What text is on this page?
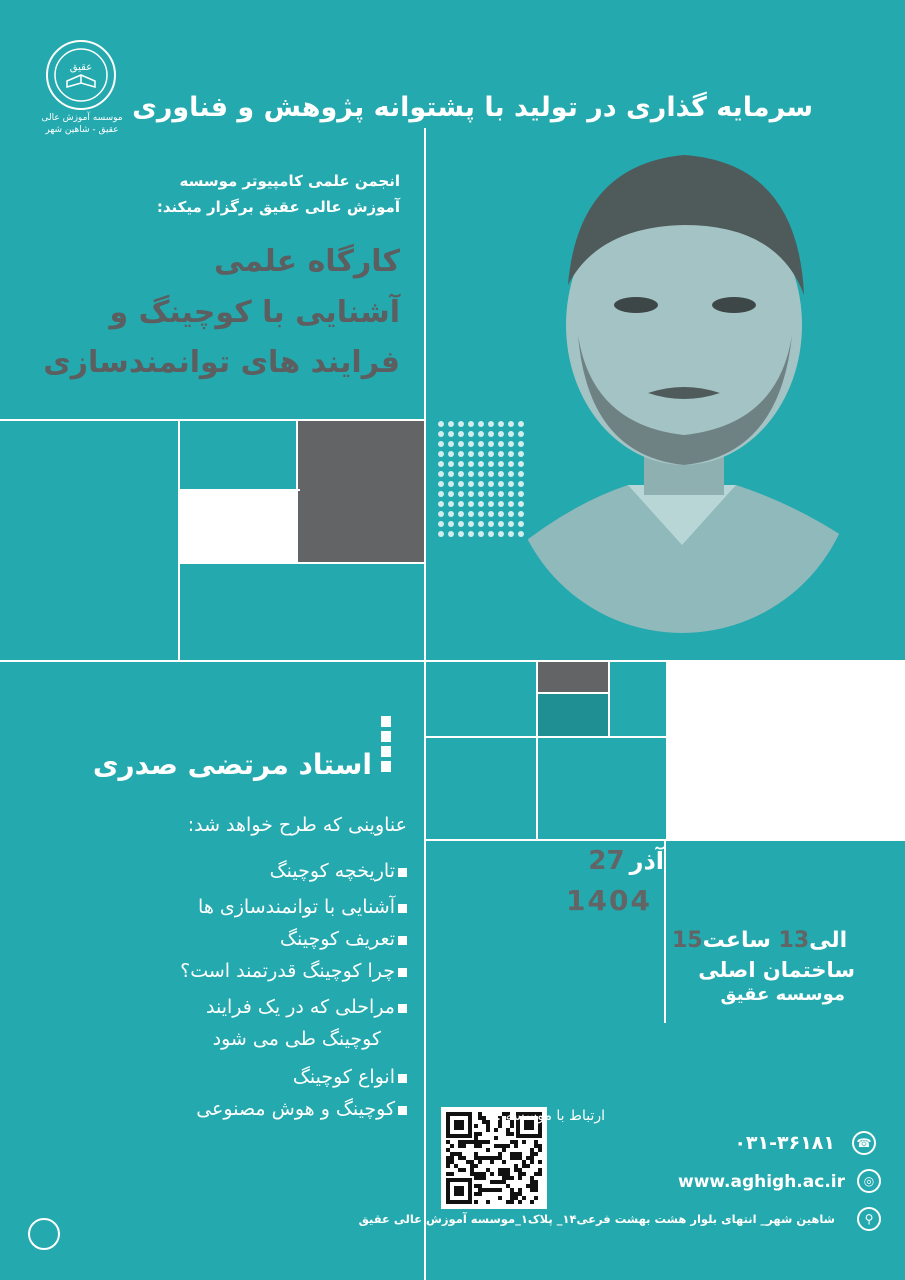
عقیق
موسسه آموزش عالی
عقیق - شاهین شهر
سرمایه گذاری در تولید با پشتوانه پژوهش و فناوری
انجمن علمی کامپیوتر موسسه
آموزش عالی عقیق برگزار میکند:
کارگاه علمی
آشنایی با کوچینگ و
فرایند های توانمندسازی
استاد مرتضی صدری
عناوینی که طرح خواهد شد:
تاریخچه کوچینگ
آشنایی با توانمندسازی ها
تعریف کوچینگ
چرا کوچینگ قدرتمند است؟
مراحلی که در یک فرایند
کوچینگ طی می شود
انواع کوچینگ
کوچینگ و هوش مصنوعی
آذر 27
1404
15	الی13 ساعت
ساختمان اصلی
موسسه عقیق
ارتباط با موسسه :
۰۳۱-۳۶۱۸۱	☎
www.aghigh.ac.ir	◎
شاهین شهر_ انتهای بلوار هشت بهشت فرعی۱۴_ پلاک۱_موسسه آموزش عالی عقیق	⚲
